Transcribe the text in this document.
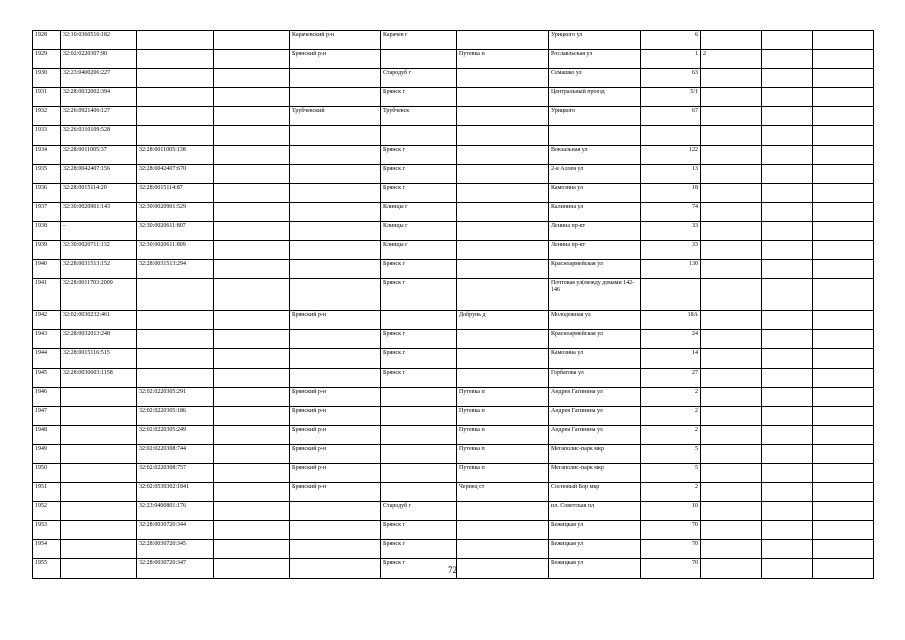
1928	32:10:0360516:182			Карачевский р-н	Карачев г		Урицкого ул	6			
1929	32:02:0220307:90			Брянский р-н		Путевка п	Рославльская ул	1	2		
1930	32:23:0400206:227				Стародуб г		Семашко ул	63			
1931	32:28:0032002:394				Брянск г		Центральный проезд	5/1			
1932	32:26:0921406:127			Трубчевский	Трубчевск		Урицкого	67			
1933	32:26:0310109:528										
1934	32:28:0011005:37	32:28:0011005:138			Брянск г		Вокзальная ул	122			
1935	32:28:0042407:156	32:28:0042407:670			Брянск г		2-я Аллея ул	13			
1936	32:28:0015114:20	32:28:0015114:87			Брянск г		Камозина ул	18			
1937	32:30:0020901:143	32:30:0020901:529			Клинцы г		Калинина ул	74			
1938	-	32:30:0020611:807			Клинцы г		Ленина пр-кт	33			
1939	32:30:0020711:132	32:30:0020611:809			Клинцы г		Ленина пр-кт	33			
1940	32:28:0031513:152	32:28:0031513:294			Брянск г		Красноармейская ул	130			
1941	32:28:0011703:2009				Брянск г		Почтовая ул(между домами 142-146				
1942	32:02:0030232:461			Брянский р-н		Добрунь д	Молодежная ул	18А			
1943	32:28:0032013:248				Брянск г		Красноармейская ул	24			
1944	32:28:0015116:515				Брянск г		Камозина ул	14			
1945	32:28:0030603:1158				Брянск г		Горбатова ул	27			
1946		32:02:0220305:291		Брянский р-н		Путевка п	Андрея Гагинина ул	2			
1947		32:02:0220305:186		Брянский р-н		Путевка п	Андрея Гагинина ул	2			
1948		32:02:0220305:249		Брянский р-н		Путевка п	Андрея Гагинина ул	2			
1949		32:02:0220308:744		Брянский р-н		Путевка п	Мегаполис-парк мкр	5			
1950		32:02:0220308:757		Брянский р-н		Путевка п	Мегаполис-парк мкр	5			
1951		32:02:0530302:1841		Брянский р-н		Чернец ст	Сосновый Бор мкр	2			
1952		32:23:0400801:176			Стародуб г		пл. Советская пл	10			
1953		32:28:0030720:344			Брянск г		Бежицкая ул	70			
1954		32:28:0030720:345			Брянск г		Бежицкая ул	70			
1955		32:28:0030720:347			Брянск г		Бежицкая ул	70			
72
